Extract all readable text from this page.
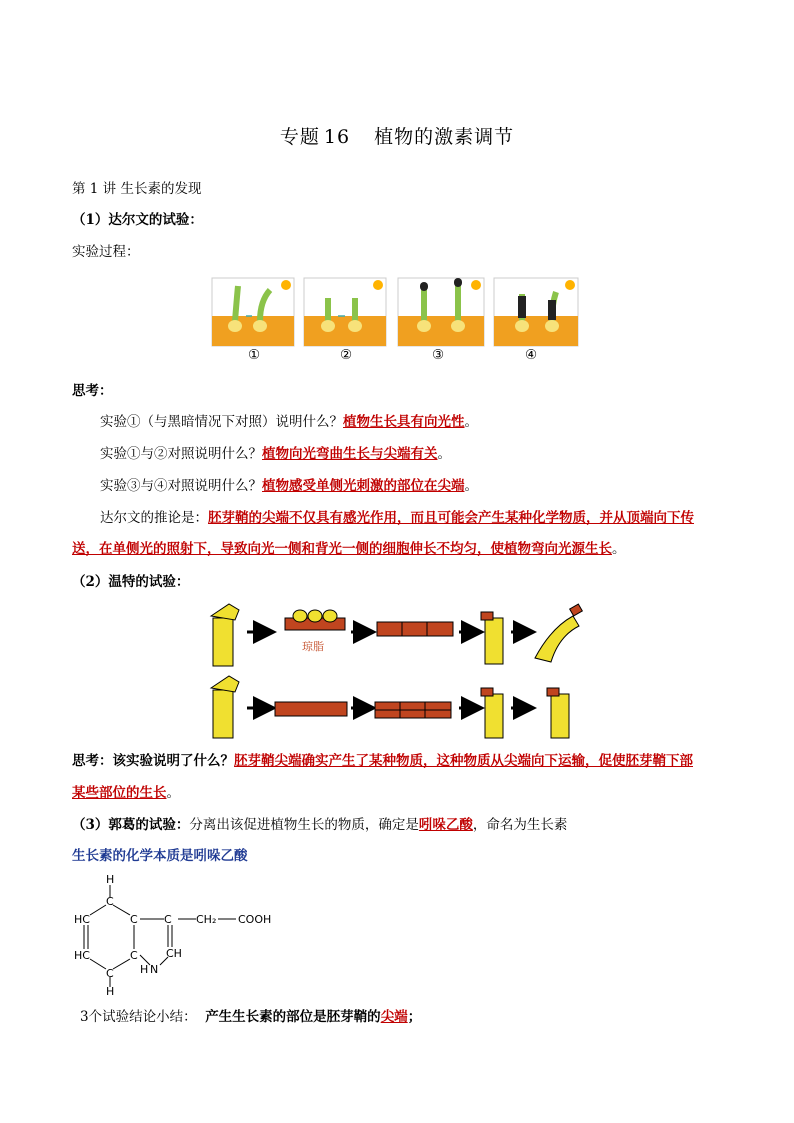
专题 16 植物的激素调节
第 1 讲 生长素的发现
（1）达尔文的试验：
实验过程：
①	②	③	④
思考：
实验①（与黑暗情况下对照）说明什么？植物生长具有向光性。
实验①与②对照说明什么？植物向光弯曲生长与尖端有关。
实验③与④对照说明什么？植物感受单侧光刺激的部位在尖端。
达尔文的推论是：胚芽鞘的尖端不仅具有感光作用，而且可能会产生某种化学物质，并从顶端向下传
送，在单侧光的照射下，导致向光一侧和背光一侧的细胞伸长不均匀，使植物弯向光源生长。
（2）温特的试验：
琼脂
思考：该实验说明了什么？胚芽鞘尖端确实产生了某种物质，这种物质从尖端向下运输，促使胚芽鞘下部
某些部位的生长。
（3）郭葛的试验：分离出该促进植物生长的物质，确定是吲哚乙酸，命名为生长素
生长素的化学本质是吲哚乙酸
H
C
HC
HC
C
H
C
C
C CH₂ COOH
CH
N
H
3个试验结论小结： 产生生长素的部位是胚芽鞘的尖端；
